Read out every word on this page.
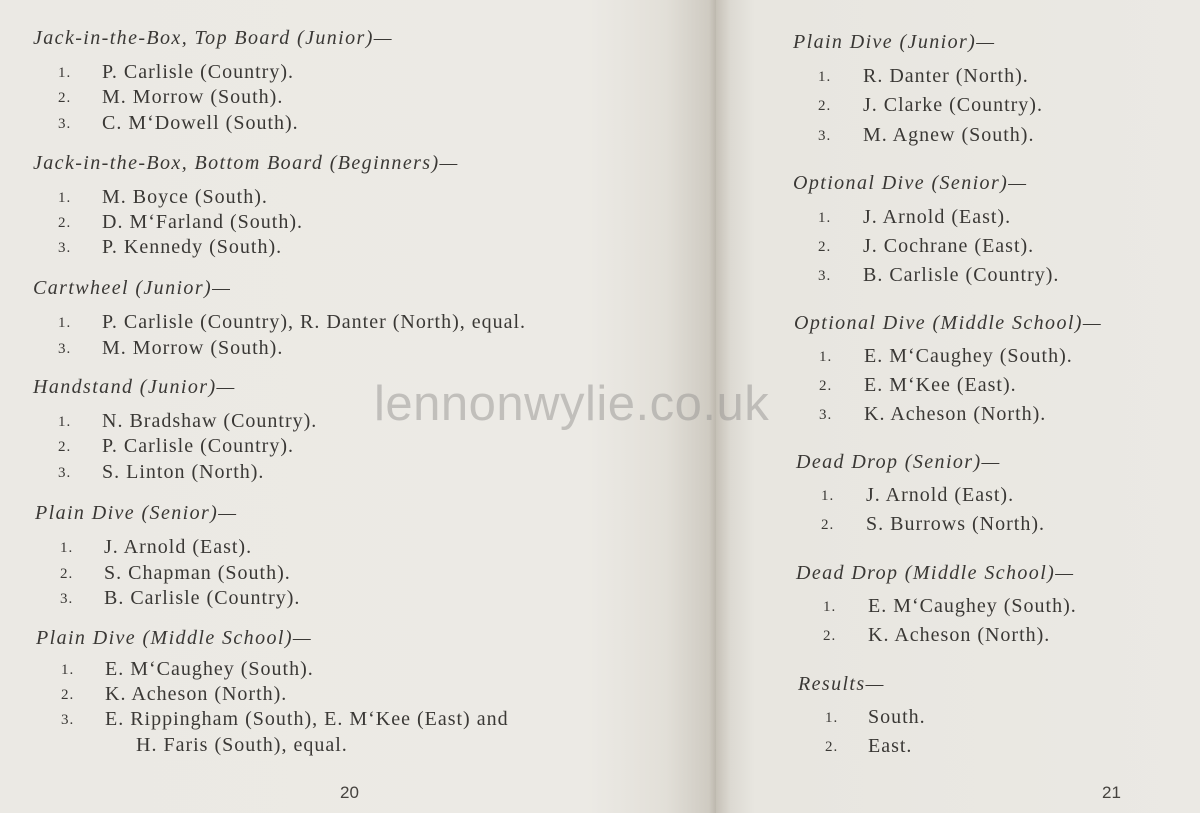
Jack-in-the-Box, Top Board (Junior)—
1. P. Carlisle (Country).
2. M. Morrow (South).
3. C. M‘Dowell (South).
Jack-in-the-Box, Bottom Board (Beginners)—
1. M. Boyce (South).
2. D. M‘Farland (South).
3. P. Kennedy (South).
Cartwheel (Junior)—
1. P. Carlisle (Country), R. Danter (North), equal.
3. M. Morrow (South).
Handstand (Junior)—
1. N. Bradshaw (Country).
2. P. Carlisle (Country).
3. S. Linton (North).
Plain Dive (Senior)—
1. J. Arnold (East).
2. S. Chapman (South).
3. B. Carlisle (Country).
Plain Dive (Middle School)—
1. E. M‘Caughey (South).
2. K. Acheson (North).
3. E. Rippingham (South), E. M‘Kee (East) and
H. Faris (South), equal.
20
Plain Dive (Junior)—
1. R. Danter (North).
2. J. Clarke (Country).
3. M. Agnew (South).
Optional Dive (Senior)—
1. J. Arnold (East).
2. J. Cochrane (East).
3. B. Carlisle (Country).
Optional Dive (Middle School)—
1. E. M‘Caughey (South).
2. E. M‘Kee (East).
3. K. Acheson (North).
Dead Drop (Senior)—
1. J. Arnold (East).
2. S. Burrows (North).
Dead Drop (Middle School)—
1. E. M‘Caughey (South).
2. K. Acheson (North).
Results—
1. South.
2. East.
21
lennonwylie.co.uk
